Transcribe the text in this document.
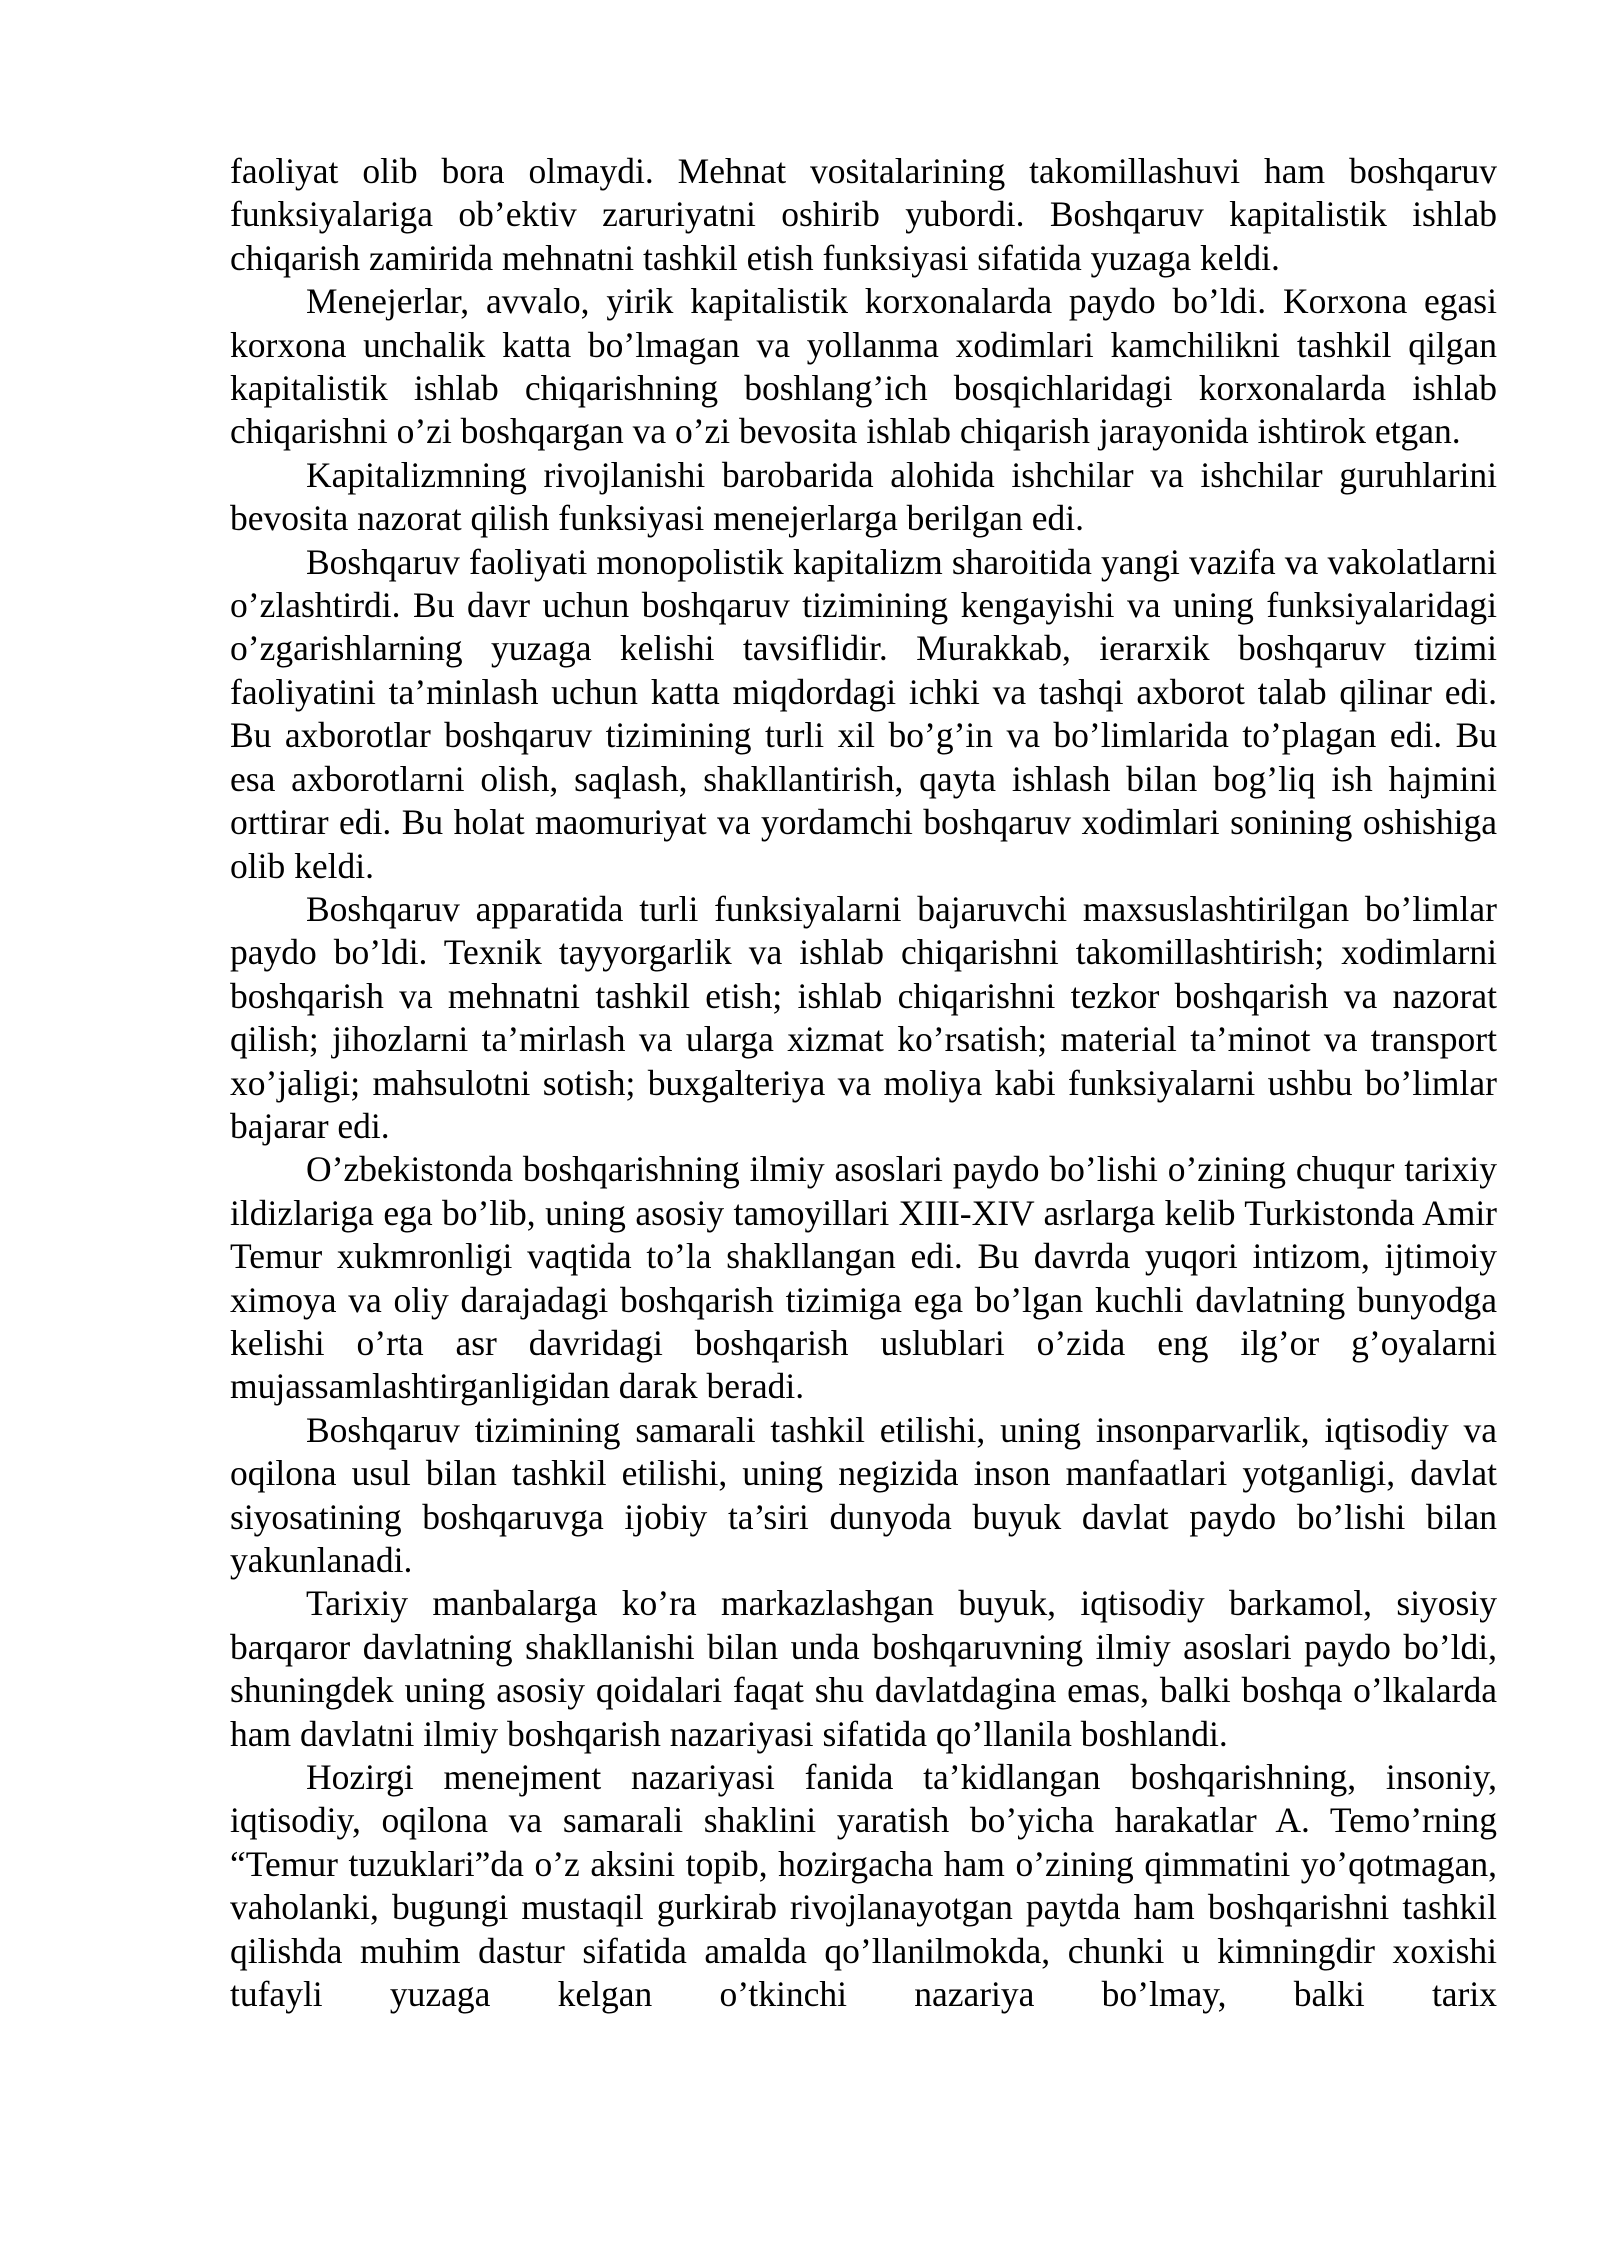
faoliyat olib bora olmaydi. Mehnat vositalarining takomillashuvi ham boshqaruv funksiyalariga ob’ektiv zaruriyatni oshirib yubordi. Boshqaruv kapitalistik ishlab chiqarish zamirida mehnatni tashkil etish funksiyasi sifatida yuzaga keldi.

Menejerlar, avvalo, yirik kapitalistik korxonalarda paydo bo’ldi. Korxona egasi korxona unchalik katta bo’lmagan va yollanma xodimlari kamchilikni tashkil qilgan kapitalistik ishlab chiqarishning boshlang’ich bosqichlaridagi korxonalarda ishlab chiqarishni o’zi boshqargan va o’zi bevosita ishlab chiqarish jarayonida ishtirok etgan.

Kapitalizmning rivojlanishi barobarida alohida ishchilar va ishchilar guruhlarini bevosita nazorat qilish funksiyasi menejerlarga berilgan edi.

Boshqaruv faoliyati monopolistik kapitalizm sharoitida yangi vazifa va vakolatlarni o’zlashtirdi. Bu davr uchun boshqaruv tizimining kengayishi va uning funksiyalaridagi o’zgarishlarning yuzaga kelishi tavsiflidir. Murakkab, ierarxik boshqaruv tizimi faoliyatini ta’minlash uchun katta miqdordagi ichki va tashqi axborot talab qilinar edi. Bu axborotlar boshqaruv tizimining turli xil bo’g’in va bo’limlarida to’plagan edi. Bu esa axborotlarni olish, saqlash, shakllantirish, qayta ishlash bilan bog’liq ish hajmini orttirar edi. Bu holat maomuriyat va yordamchi boshqaruv xodimlari sonining oshishiga olib keldi.

Boshqaruv apparatida turli funksiyalarni bajaruvchi maxsuslashtirilgan bo’limlar paydo bo’ldi. Texnik tayyorgarlik va ishlab chiqarishni takomillashtirish; xodimlarni boshqarish va mehnatni tashkil etish; ishlab chiqarishni tezkor boshqarish va nazorat qilish; jihozlarni ta’mirlash va ularga xizmat ko’rsatish; material ta’minot va transport xo’jaligi; mahsulotni sotish; buxgalteriya va moliya kabi funksiyalarni ushbu bo’limlar bajarar edi.

O’zbekistonda boshqarishning ilmiy asoslari paydo bo’lishi o’zining chuqur tarixiy ildizlariga ega bo’lib, uning asosiy tamoyillari XIII-XIV asrlarga kelib Turkistonda Amir Temur xukmronligi vaqtida to’la shakllangan edi. Bu davrda yuqori intizom, ijtimoiy ximoya va oliy darajadagi boshqarish tizimiga ega bo’lgan kuchli davlatning bunyodga kelishi o’rta asr davridagi boshqarish uslublari o’zida eng ilg’or g’oyalarni mujassamlashtirganligidan darak beradi.

Boshqaruv tizimining samarali tashkil etilishi, uning insonparvarlik, iqtisodiy va oqilona usul bilan tashkil etilishi, uning negizida inson manfaatlari yotganligi, davlat siyosatining boshqaruvga ijobiy ta’siri dunyoda buyuk davlat paydo bo’lishi bilan yakunlanadi.

Tarixiy manbalarga ko’ra markazlashgan buyuk, iqtisodiy barkamol, siyosiy barqaror davlatning shakllanishi bilan unda boshqaruvning ilmiy asoslari paydo bo’ldi, shuningdek uning asosiy qoidalari faqat shu davlatdagina emas, balki boshqa o’lkalarda ham davlatni ilmiy boshqarish nazariyasi sifatida qo’llanila boshlandi.

Hozirgi menejment nazariyasi fanida ta’kidlangan boshqarishning, insoniy, iqtisodiy, oqilona va samarali shaklini yaratish bo’yicha harakatlar A. Temo’rning “Temur tuzuklari”da o’z aksini topib, hozirgacha ham o’zining qimmatini yo’qotmagan, vaholanki, bugungi mustaqil gurkirab rivojlanayotgan paytda ham boshqarishni tashkil qilishda muhim dastur sifatida amalda qo’llanilmokda, chunki u kimningdir xoxishi tufayli yuzaga kelgan o’tkinchi nazariya bo’lmay, balki tarix
